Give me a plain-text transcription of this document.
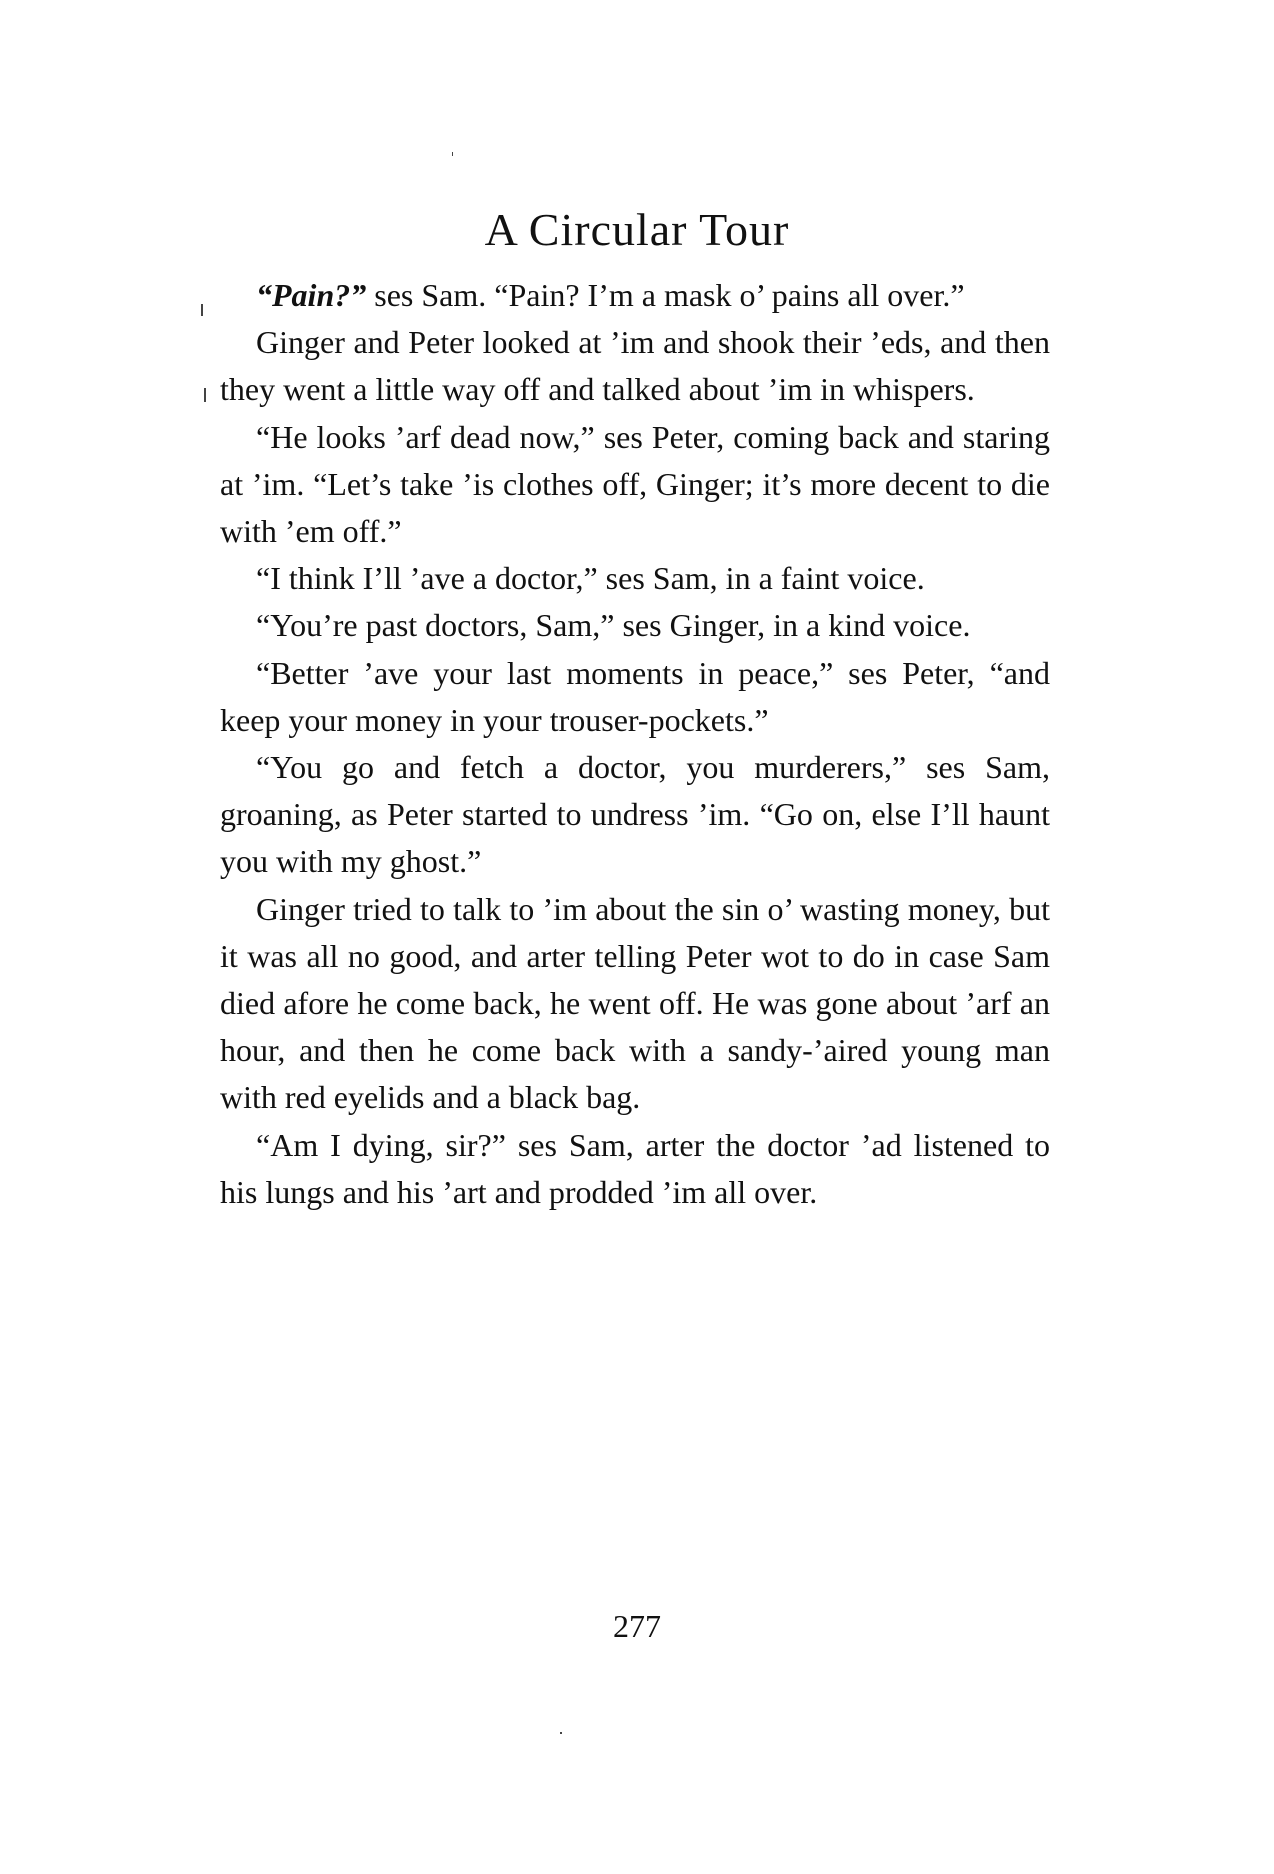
A Circular Tour

“Pain?” ses Sam. “Pain? I’m a mask o’ pains all over.”

Ginger and Peter looked at ’im and shook their ’eds, and then they went a little way off and talked about ’im in whispers.

“He looks ’arf dead now,” ses Peter, coming back and staring at ’im. “Let’s take ’is clothes off, Ginger; it’s more decent to die with ’em off.”

“I think I’ll ’ave a doctor,” ses Sam, in a faint voice.

“You’re past doctors, Sam,” ses Ginger, in a kind voice.

“Better ’ave your last moments in peace,” ses Peter, “and keep your money in your trouser-pockets.”

“You go and fetch a doctor, you murderers,” ses Sam, groaning, as Peter started to undress ’im. “Go on, else I’ll haunt you with my ghost.”

Ginger tried to talk to ’im about the sin o’ wasting money, but it was all no good, and arter telling Peter wot to do in case Sam died afore he come back, he went off. He was gone about ’arf an hour, and then he come back with a sandy-’aired young man with red eyelids and a black bag.

“Am I dying, sir?” ses Sam, arter the doctor ’ad listened to his lungs and his ’art and prodded ’im all over.

277
